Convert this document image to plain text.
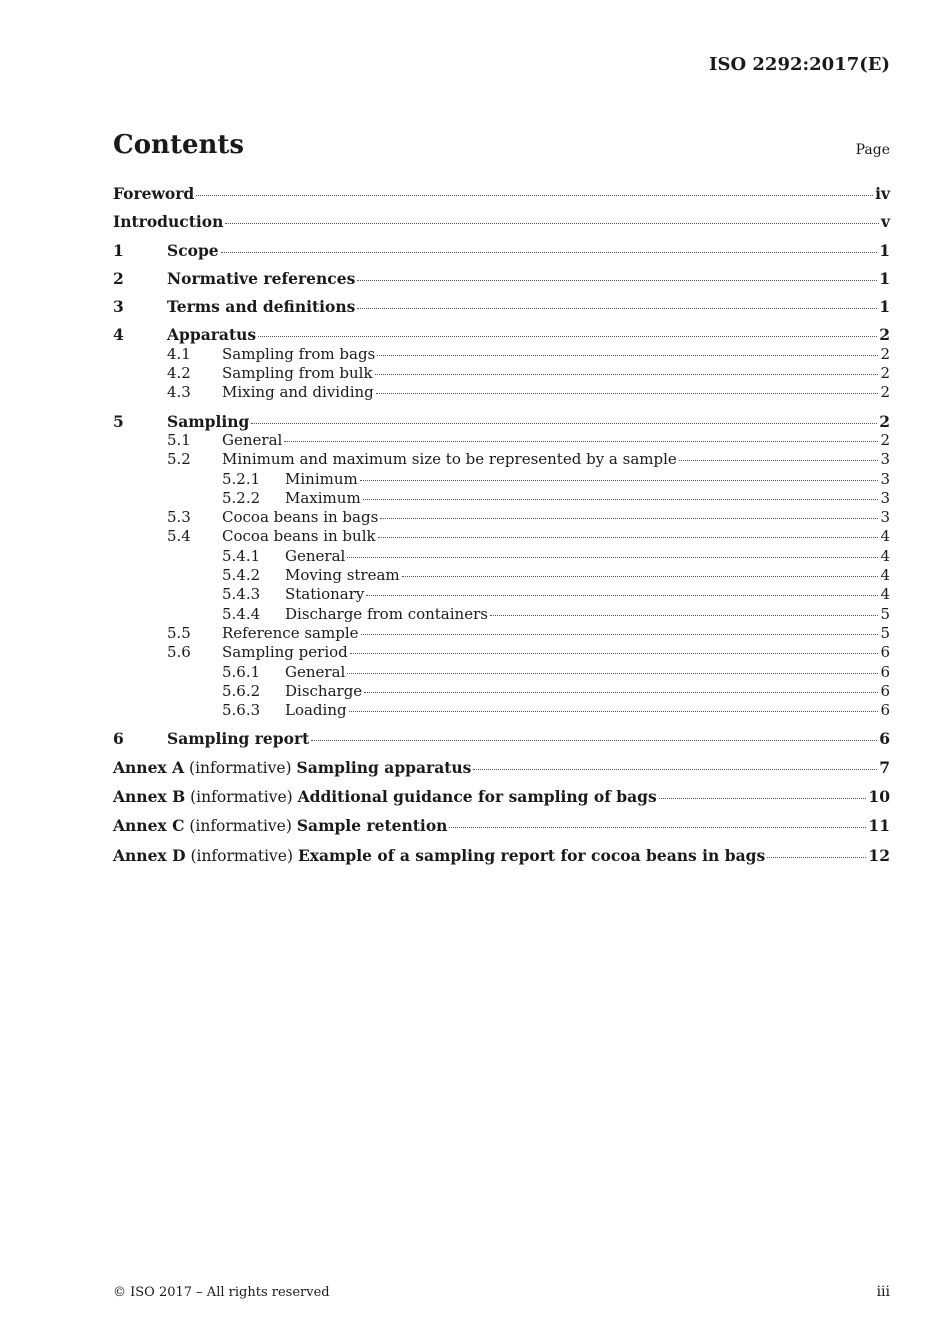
ISO 2292:2017(E)
Contents	Page
Foreword	iv
Introduction	v
1	Scope	1
2	Normative references	1
3	Terms and definitions	1
4	Apparatus	2
4.1	Sampling from bags	2
4.2	Sampling from bulk	2
4.3	Mixing and dividing	2
5	Sampling	2
5.1	General	2
5.2	Minimum and maximum size to be represented by a sample	3
5.2.1	Minimum	3
5.2.2	Maximum	3
5.3	Cocoa beans in bags	3
5.4	Cocoa beans in bulk	4
5.4.1	General	4
5.4.2	Moving stream	4
5.4.3	Stationary	4
5.4.4	Discharge from containers	5
5.5	Reference sample	5
5.6	Sampling period	6
5.6.1	General	6
5.6.2	Discharge	6
5.6.3	Loading	6
6	Sampling report	6
Annex A (informative) Sampling apparatus	7
Annex B (informative) Additional guidance for sampling of bags	10
Annex C (informative) Sample retention	11
Annex D (informative) Example of a sampling report for cocoa beans in bags	12
© ISO 2017 – All rights reserved	iii
